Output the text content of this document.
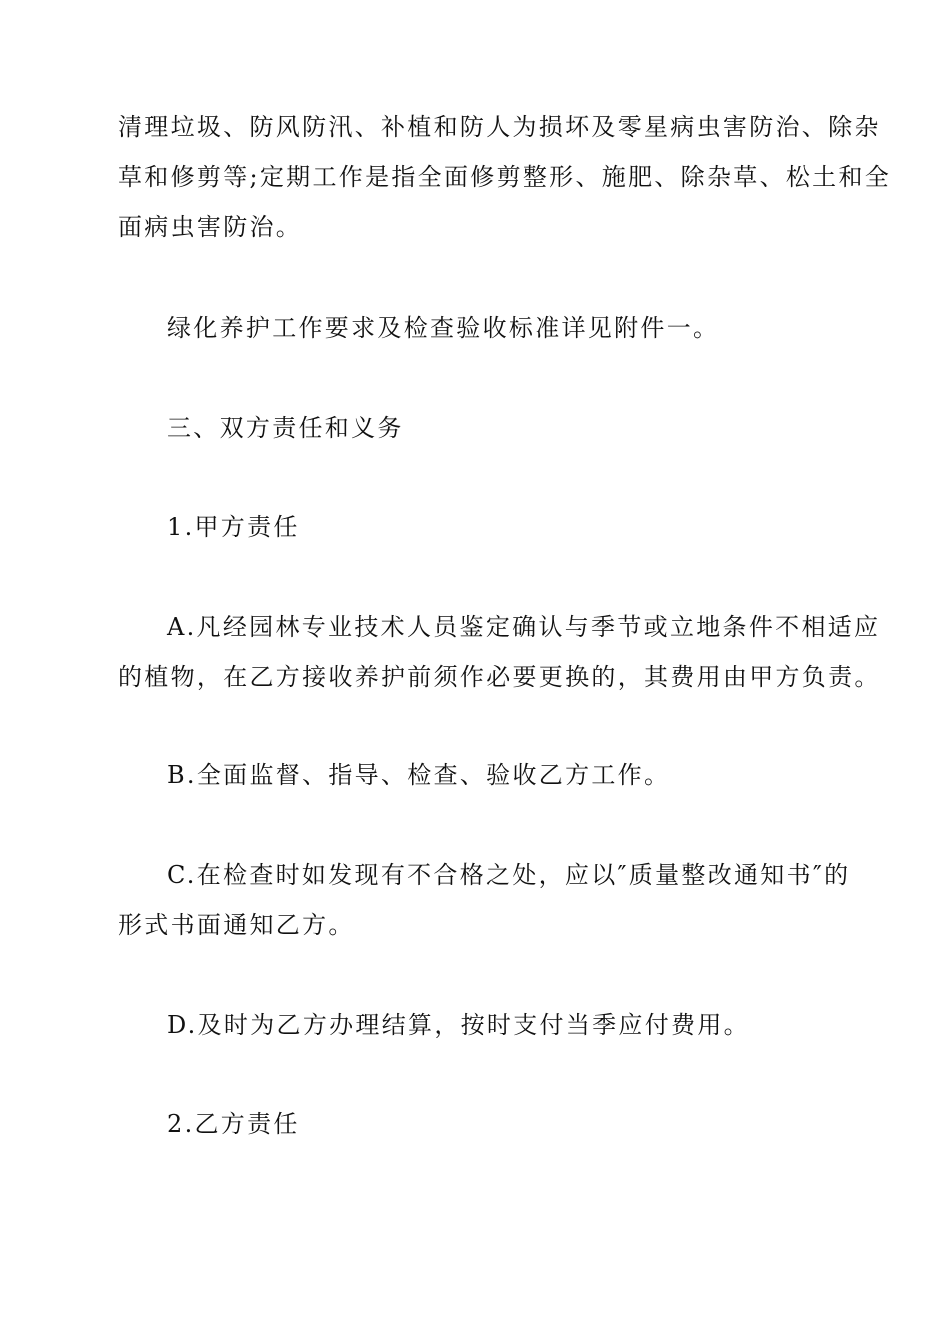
清理垃圾、防风防汛、补植和防人为损坏及零星病虫害防治、除杂
草和修剪等;定期工作是指全面修剪整形、施肥、除杂草、松土和全
面病虫害防治。
绿化养护工作要求及检查验收标准详见附件一。
三、双方责任和义务
1.甲方责任
A.凡经园林专业技术人员鉴定确认与季节或立地条件不相适应
的植物，在乙方接收养护前须作必要更换的，其费用由甲方负责。
B.全面监督、指导、检查、验收乙方工作。
C.在检查时如发现有不合格之处，应以″质量整改通知书″的
形式书面通知乙方。
D.及时为乙方办理结算，按时支付当季应付费用。
2.乙方责任
